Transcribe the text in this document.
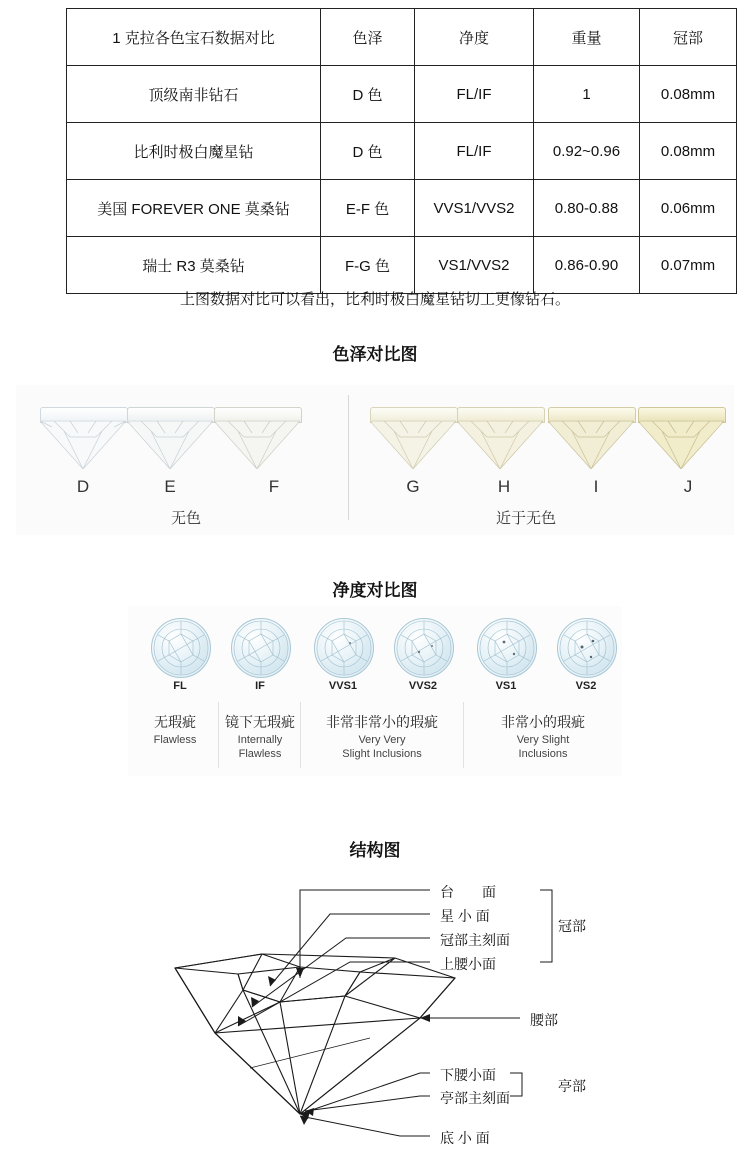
1 克拉各色宝石数据对比	色泽	净度	重量	冠部
顶级南非钻石	D 色	FL/IF	1	0.08mm
比利时极白魔星钻	D 色	FL/IF	0.92~0.96	0.08mm
美国 FOREVER ONE 莫桑钻	E-F 色	VVS1/VVS2	0.80-0.88	0.06mm
瑞士 R3 莫桑钻	F-G 色	VS1/VVS2	0.86-0.90	0.07mm
上图数据对比可以看出，比利时极白魔星钻切工更像钻石。
色泽对比图
D	E	F	G	H	I	J
无色	近于无色
净度对比图
FL	IF	VVS1	VVS2	VS1	VS2
无瑕疵
Flawless
镜下无瑕疵
Internally
Flawless
非常非常小的瑕疵
Very Very
Slight Inclusions
非常小的瑕疵
Very Slight
Inclusions
结构图
台　　面
星 小 面
冠部主刻面
上腰小面
腰部
下腰小面
亭部主刻面
底 小 面
冠部
亭部
